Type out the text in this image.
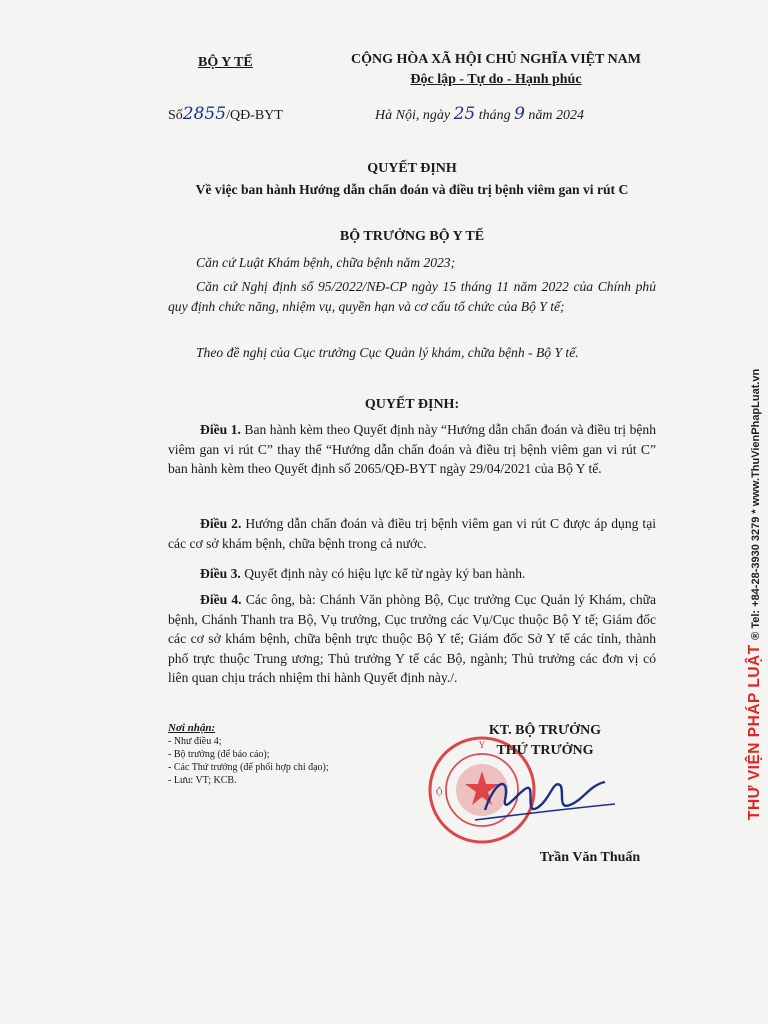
BỘ Y TẾ	CỘNG HÒA XÃ HỘI CHỦ NGHĨA VIỆT NAM
Độc lập - Tự do - Hạnh phúc
Số2855/QĐ-BYT	Hà Nội, ngày 25 tháng 9 năm 2024
QUYẾT ĐỊNH
Về việc ban hành Hướng dẫn chẩn đoán và điều trị bệnh viêm gan vi rút C
BỘ TRƯỞNG BỘ Y TẾ
Căn cứ Luật Khám bệnh, chữa bệnh năm 2023;
Căn cứ Nghị định số 95/2022/NĐ-CP ngày 15 tháng 11 năm 2022 của Chính phủ quy định chức năng, nhiệm vụ, quyền hạn và cơ cấu tổ chức của Bộ Y tế;
Theo đề nghị của Cục trưởng Cục Quản lý khám, chữa bệnh - Bộ Y tế.
QUYẾT ĐỊNH:
Điều 1. Ban hành kèm theo Quyết định này “Hướng dẫn chẩn đoán và điều trị bệnh viêm gan vi rút C” thay thế “Hướng dẫn chẩn đoán và điều trị bệnh viêm gan vi rút C” ban hành kèm theo Quyết định số 2065/QĐ-BYT ngày 29/04/2021 của Bộ Y tế.
Điều 2. Hướng dẫn chẩn đoán và điều trị bệnh viêm gan vi rút C được áp dụng tại các cơ sở khám bệnh, chữa bệnh trong cả nước.
Điều 3. Quyết định này có hiệu lực kể từ ngày ký ban hành.
Điều 4. Các ông, bà: Chánh Văn phòng Bộ, Cục trưởng Cục Quản lý Khám, chữa bệnh, Chánh Thanh tra Bộ, Vụ trưởng, Cục trưởng các Vụ/Cục thuộc Bộ Y tế; Giám đốc các cơ sở khám bệnh, chữa bệnh trực thuộc Bộ Y tế; Giám đốc Sở Y tế các tỉnh, thành phố trực thuộc Trung ương; Thủ trưởng Y tế các Bộ, ngành; Thủ trưởng các đơn vị có liên quan chịu trách nhiệm thi hành Quyết định này./.
Nơi nhận:
- Như điều 4;
- Bộ trưởng (để báo cáo);
- Các Thứ trưởng (để phối hợp chỉ đạo);
- Lưu: VT; KCB.
Y
Ộ
KT. BỘ TRƯỞNG
THỨ TRƯỞNG
Trần Văn Thuấn
THƯ VIỆN PHÁP LUẬT ® Tel: +84-28-3930 3279 * www.ThuVienPhapLuat.vn
